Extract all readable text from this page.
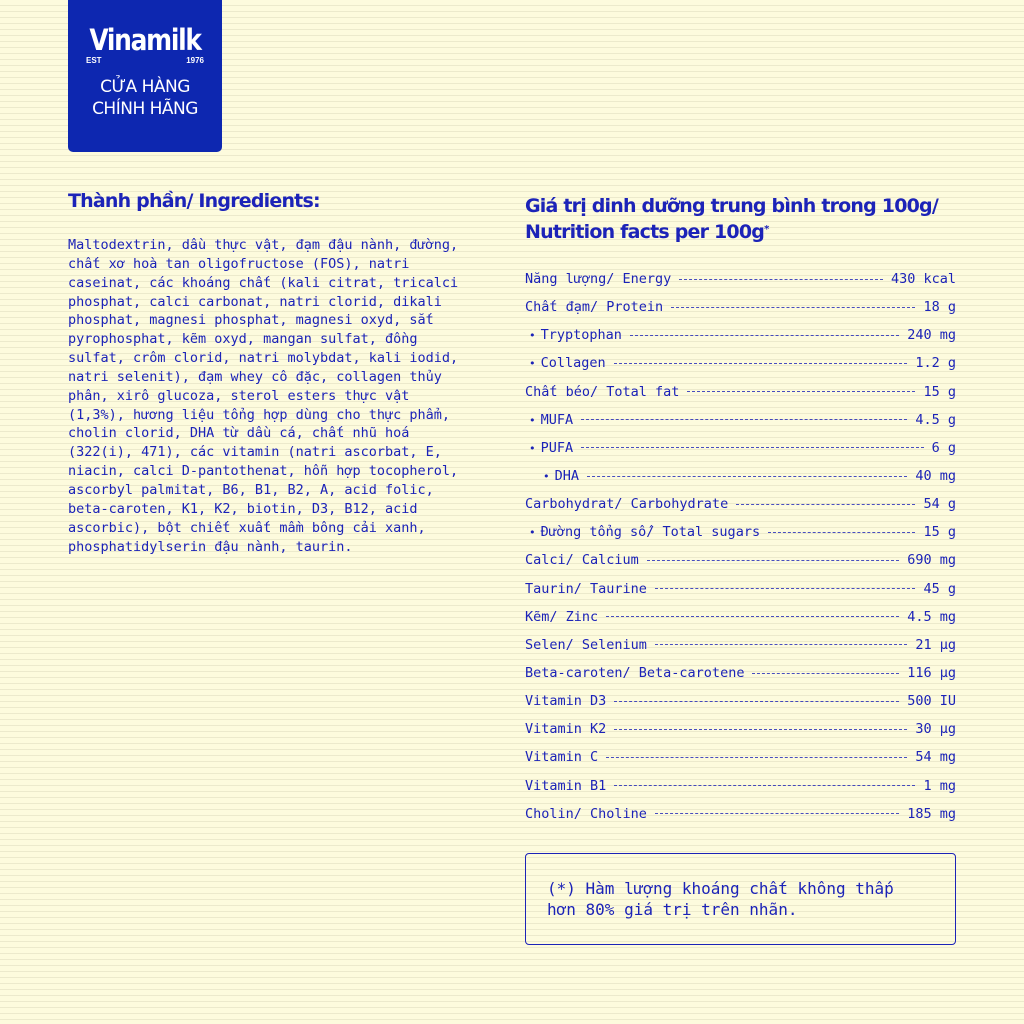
Vinamilk
EST	1976
CỬA HÀNG
CHÍNH HÃNG
Thành phần/ Ingredients:

Maltodextrin, dầu thực vật, đạm đậu nành, đường,
chất xơ hoà tan oligofructose (FOS), natri
caseinat, các khoáng chất (kali citrat, tricalci
phosphat, calci carbonat, natri clorid, dikali
phosphat, magnesi phosphat, magnesi oxyd, sắt
pyrophosphat, kẽm oxyd, mangan sulfat, đồng
sulfat, crôm clorid, natri molybdat, kali iodid,
natri selenit), đạm whey cô đặc, collagen thủy
phân, xirô glucoza, sterol esters thực vật
(1,3%), hương liệu tổng hợp dùng cho thực phẩm,
cholin clorid, DHA từ dầu cá, chất nhũ hoá
(322(i), 471), các vitamin (natri ascorbat, E,
niacin, calci D-pantothenat, hỗn hợp tocopherol,
ascorbyl palmitat, B6, B1, B2, A, acid folic,
beta-caroten, K1, K2, biotin, D3, B12, acid
ascorbic), bột chiết xuất mầm bông cải xanh,
phosphatidylserin đậu nành, taurin.

Giá trị dinh dưỡng trung bình trong 100g/
Nutrition facts per 100g*
Năng lượng/ Energy	430 kcal
Chất đạm/ Protein	18 g
• Tryptophan	240 mg
• Collagen	1.2 g
Chất béo/ Total fat	15 g
• MUFA	4.5 g
• PUFA	6 g
• DHA	40 mg
Carbohydrat/ Carbohydrate	54 g
• Đường tổng số/ Total sugars	15 g
Calci/ Calcium	690 mg
Taurin/ Taurine	45 g
Kẽm/ Zinc	4.5 mg
Selen/ Selenium	21 µg
Beta-caroten/ Beta-carotene	116 µg
Vitamin D3	500 IU
Vitamin K2	30 µg
Vitamin C	54 mg
Vitamin B1	1 mg
Cholin/ Choline	185 mg
(*) Hàm lượng khoáng chất không thấp
hơn 80% giá trị trên nhãn.
